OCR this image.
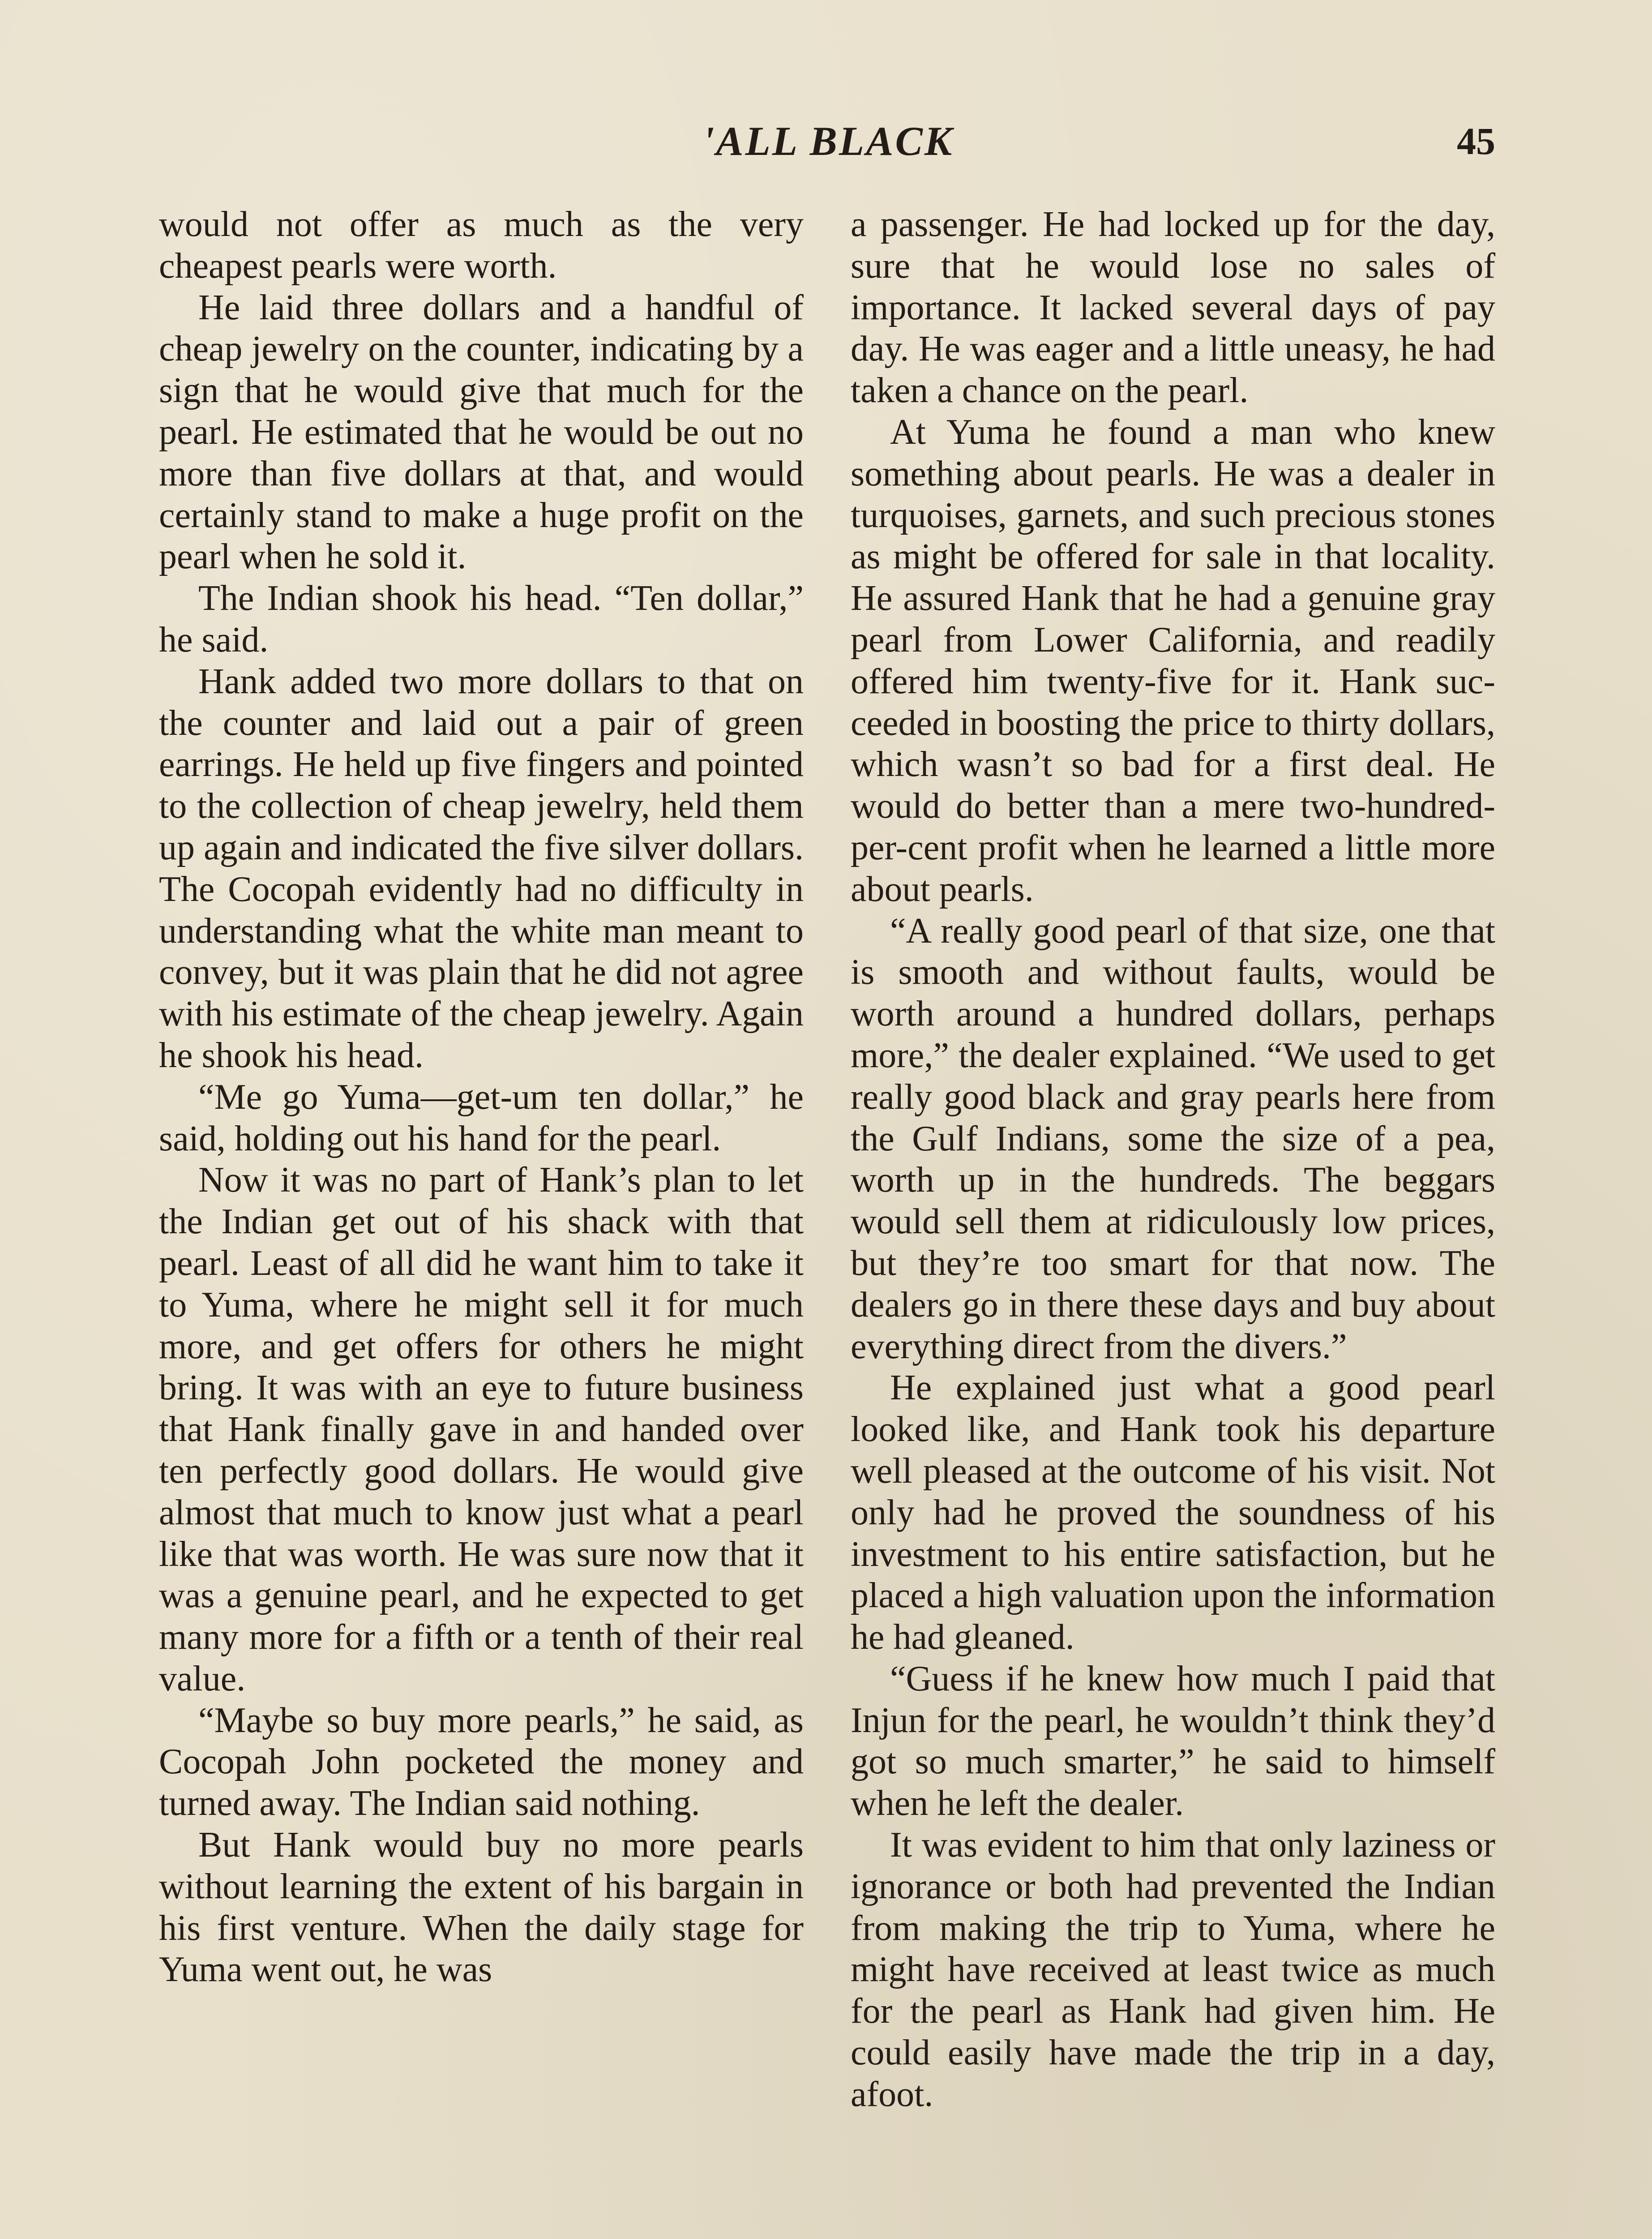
'ALL BLACK	45

would not offer as much as the very cheapest pearls were worth.

He laid three dollars and a handful of cheap jewelry on the counter, indicating by a sign that he would give that much for the pearl. He estimated that he would be out no more than five dollars at that, and would certainly stand to make a huge profit on the pearl when he sold it.

The Indian shook his head. “Ten dollar,” he said.

Hank added two more dollars to that on the counter and laid out a pair of green earrings. He held up five fingers and pointed to the collection of cheap jewelry, held them up again and indicated the five silver dollars. The Cocopah evidently had no difficulty in understanding what the white man meant to convey, but it was plain that he did not agree with his estimate of the cheap jewelry. Again he shook his head.

“Me go Yuma—get-um ten dollar,” he said, holding out his hand for the pearl.

Now it was no part of Hank’s plan to let the Indian get out of his shack with that pearl. Least of all did he want him to take it to Yuma, where he might sell it for much more, and get offers for others he might bring. It was with an eye to future business that Hank finally gave in and handed over ten perfectly good dollars. He would give almost that much to know just what a pearl like that was worth. He was sure now that it was a genuine pearl, and he expected to get many more for a fifth or a tenth of their real value.

“Maybe so buy more pearls,” he said, as Cocopah John pocketed the money and turned away. The Indian said nothing.

But Hank would buy no more pearls without learning the extent of his bargain in his first venture. When the daily stage for Yuma went out, he was

a passenger. He had locked up for the day, sure that he would lose no sales of importance. It lacked several days of pay day. He was eager and a little uneasy, he had taken a chance on the pearl.

At Yuma he found a man who knew something about pearls. He was a dealer in turquoises, garnets, and such precious stones as might be offered for sale in that locality. He assured Hank that he had a genuine gray pearl from Lower California, and readily offered him twenty-five for it. Hank succeeded in boosting the price to thirty dollars, which wasn’t so bad for a first deal. He would do better than a mere two-hundred-per-cent profit when he learned a little more about pearls.

“A really good pearl of that size, one that is smooth and without faults, would be worth around a hundred dollars, perhaps more,” the dealer explained. “We used to get really good black and gray pearls here from the Gulf Indians, some the size of a pea, worth up in the hundreds. The beggars would sell them at ridiculously low prices, but they’re too smart for that now. The dealers go in there these days and buy about everything direct from the divers.”

He explained just what a good pearl looked like, and Hank took his departure well pleased at the outcome of his visit. Not only had he proved the soundness of his investment to his entire satisfaction, but he placed a high valuation upon the information he had gleaned.

“Guess if he knew how much I paid that Injun for the pearl, he wouldn’t think they’d got so much smarter,” he said to himself when he left the dealer.

It was evident to him that only laziness or ignorance or both had prevented the Indian from making the trip to Yuma, where he might have received at least twice as much for the pearl as Hank had given him. He could easily have made the trip in a day, afoot.
